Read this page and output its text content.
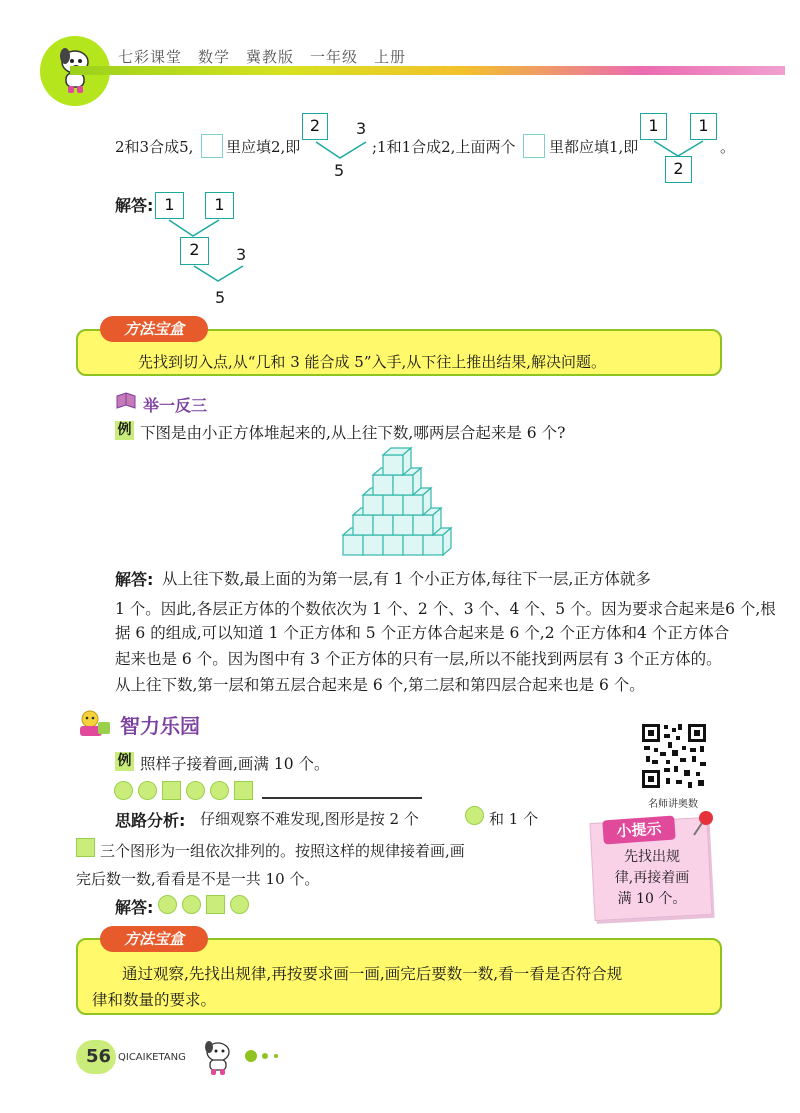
七彩课堂　数学　冀教版　一年级　上册
2和3合成5, 里应填2,即
2	3
5
;1和1合成2,上面两个 里都应填1,即
1	1
2
。
解答: 1	1
2	3
5
方法宝盒
先找到切入点,从“几和 3 能合成 5”入手,从下往上推出结果,解决问题。
举一反三
例 下图是由小正方体堆起来的,从上往下数,哪两层合起来是 6 个?
解答: 从上往下数,最上面的为第一层,有 1 个小正方体,每往下一层,正方体就多
1 个。因此,各层正方体的个数依次为 1 个、2 个、3 个、4 个、5 个。因为要求合起来是6 个,根
据 6 的组成,可以知道 1 个正方体和 5 个正方体合起来是 6 个,2 个正方体和4 个正方体合
起来也是 6 个。因为图中有 3 个正方体的只有一层,所以不能找到两层有 3 个正方体的。
从上往下数,第一层和第五层合起来是 6 个,第二层和第四层合起来也是 6 个。
智力乐园
例 照样子接着画,画满 10 个。

思路分析: 仔细观察不难发现,图形是按 2 个	和 1 个
三个图形为一组依次排列的。按照这样的规律接着画,画
完后数一数,看看是不是一共 10 个。
解答:

名师讲奥数
小提示
先找出规
律,再接着画
满 10 个。
方法宝盒
通过观察,先找出规律,再按要求画一画,画完后要数一数,看一看是否符合规
律和数量的要求。
56 QICAIKETANG
